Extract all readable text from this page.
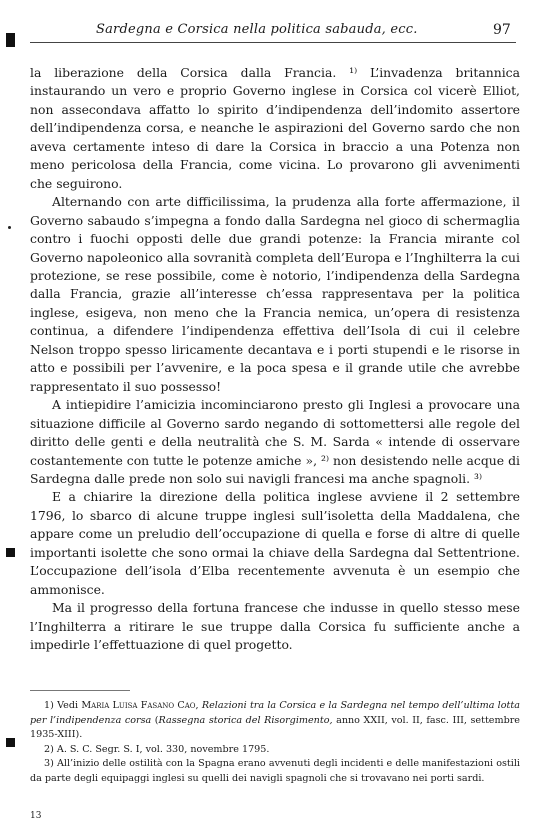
Sardegna e Corsica nella politica sabauda, ecc.	97

la liberazione della Corsica dalla Francia. ¹⁾ L’invadenza britannica instaurando un vero e proprio Governo inglese in Corsica col vicerè Elliot, non assecondava affatto lo spirito d’indipendenza dell’indomito assertore dell’indipendenza corsa, e neanche le aspirazioni del Governo sardo che non aveva certamente inteso di dare la Corsica in braccio a una Potenza non meno pericolosa della Francia, come vicina. Lo provarono gli avvenimenti che seguirono.

Alternando con arte difficilissima, la prudenza alla forte affermazione, il Governo sabaudo s’impegna a fondo dalla Sardegna nel gioco di schermaglia contro i fuochi opposti delle due grandi potenze: la Francia mirante col Governo napoleonico alla sovranità completa dell’Europa e l’Inghilterra la cui protezione, se rese possibile, come è notorio, l’indipendenza della Sardegna dalla Francia, grazie all’interesse ch’essa rappresentava per la politica inglese, esigeva, non meno che la Francia nemica, un’opera di resistenza continua, a difendere l’indipendenza effettiva dell’Isola di cui il celebre Nelson troppo spesso liricamente decantava e i porti stupendi e le risorse in atto e possibili per l’avvenire, e la poca spesa e il grande utile che avrebbe rappresentato il suo possesso!

A intiepidire l’amicizia incominciarono presto gli Inglesi a provocare una situazione difficile al Governo sardo negando di sottomettersi alle regole del diritto delle genti e della neutralità che S. M. Sarda « intende di osservare costantemente con tutte le potenze amiche », ²⁾ non desistendo nelle acque di Sardegna dalle prede non solo sui navigli francesi ma anche spagnoli. ³⁾

E a chiarire la direzione della politica inglese avviene il 2 settembre 1796, lo sbarco di alcune truppe inglesi sull’isoletta della Maddalena, che appare come un preludio dell’occupazione di quella e forse di altre di quelle importanti isolette che sono ormai la chiave della Sardegna dal Settentrione. L’occupazione dell’isola d’Elba recentemente avvenuta è un esempio che ammonisce.

Ma il progresso della fortuna francese che indusse in quello stesso mese l’Inghilterra a ritirare le sue truppe dalla Corsica fu sufficiente anche a impedirle l’effettuazione di quel progetto.

1) Vedi Maria Luisa Fasano Cao, Relazioni tra la Corsica e la Sardegna nel tempo dell’ultima lotta per l’indipendenza corsa (Rassegna storica del Risorgimento, anno XXII, vol. II, fasc. III, settembre 1935-XIII).

2) A. S. C. Segr. S. I, vol. 330, novembre 1795.

3) All’inizio delle ostilità con la Spagna erano avvenuti degli incidenti e delle manifestazioni ostili da parte degli equipaggi inglesi su quelli dei navigli spagnoli che si trovavano nei porti sardi.

13
